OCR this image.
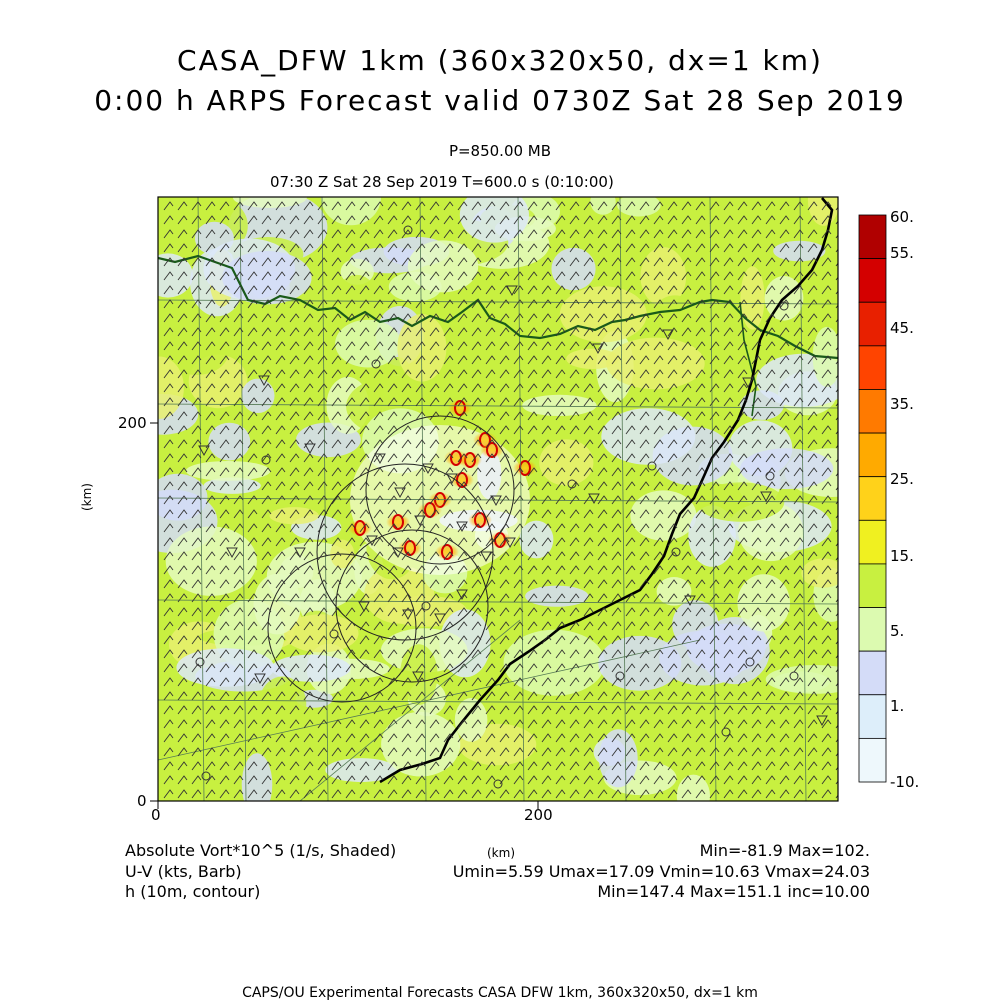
CASA_DFW 1km (360x320x50, dx=1 km)
0:00 h ARPS Forecast valid 0730Z Sat 28 Sep 2019
P=850.00 MB
07:30 Z Sat 28 Sep 2019 T=600.0 s (0:10:00)
0	200
0
200
(km)
(km)
60.
55.
45.
35.
25.
15.
5.
1.
-10.
Absolute Vort*10^5 (1/s, Shaded)
U-V (kts, Barb)
h (10m, contour)
Min=-81.9 Max=102.
Umin=5.59 Umax=17.09 Vmin=10.63 Vmax=24.03
Min=147.4 Max=151.1 inc=10.00
CAPS/OU Experimental Forecasts CASA DFW 1km, 360x320x50, dx=1 km
